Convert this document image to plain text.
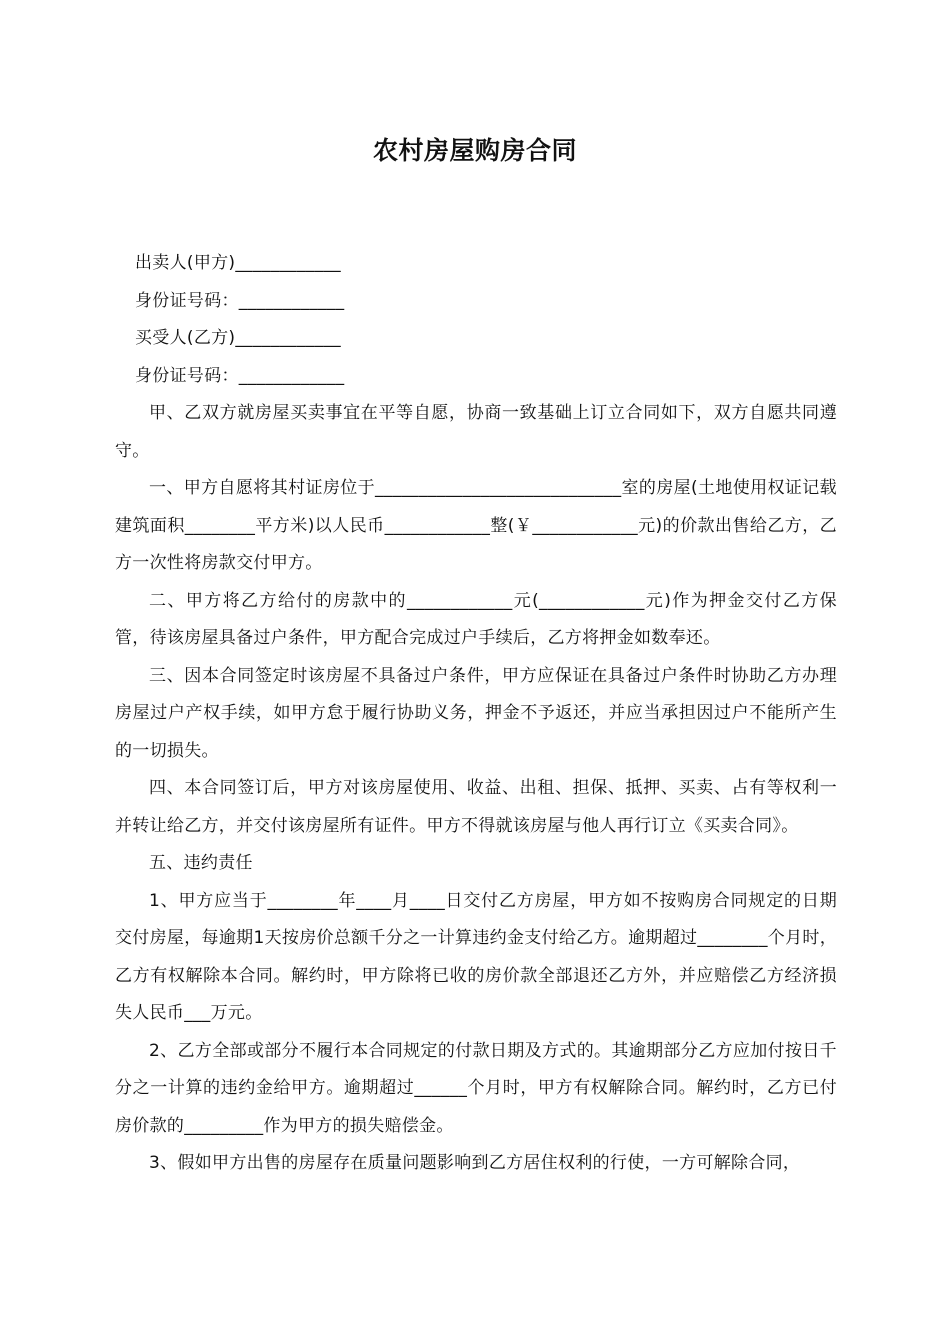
农村房屋购房合同

出卖人(甲方)____________

身份证号码：____________

买受人(乙方)____________

身份证号码：____________

甲、乙双方就房屋买卖事宜在平等自愿，协商一致基础上订立合同如下，双方自愿共同遵守。

一、甲方自愿将其村证房位于____________________________室的房屋(土地使用权证记载建筑面积________平方米)以人民币____________整(￥____________元)的价款出售给乙方，乙方一次性将房款交付甲方。

二、甲方将乙方给付的房款中的____________元(____________元)作为押金交付乙方保管，待该房屋具备过户条件，甲方配合完成过户手续后，乙方将押金如数奉还。

三、因本合同签定时该房屋不具备过户条件，甲方应保证在具备过户条件时协助乙方办理房屋过户产权手续，如甲方怠于履行协助义务，押金不予返还，并应当承担因过户不能所产生的一切损失。

四、本合同签订后，甲方对该房屋使用、收益、出租、担保、抵押、买卖、占有等权利一并转让给乙方，并交付该房屋所有证件。甲方不得就该房屋与他人再行订立《买卖合同》。

五、违约责任

1、甲方应当于________年____月____日交付乙方房屋，甲方如不按购房合同规定的日期交付房屋，每逾期1天按房价总额千分之一计算违约金支付给乙方。逾期超过________个月时，乙方有权解除本合同。解约时，甲方除将已收的房价款全部退还乙方外，并应赔偿乙方经济损失人民币___万元。

2、乙方全部或部分不履行本合同规定的付款日期及方式的。其逾期部分乙方应加付按日千分之一计算的违约金给甲方。逾期超过______个月时，甲方有权解除合同。解约时，乙方已付房价款的_________作为甲方的损失赔偿金。

3、假如甲方出售的房屋存在质量问题影响到乙方居住权利的行使，一方可解除合同，
